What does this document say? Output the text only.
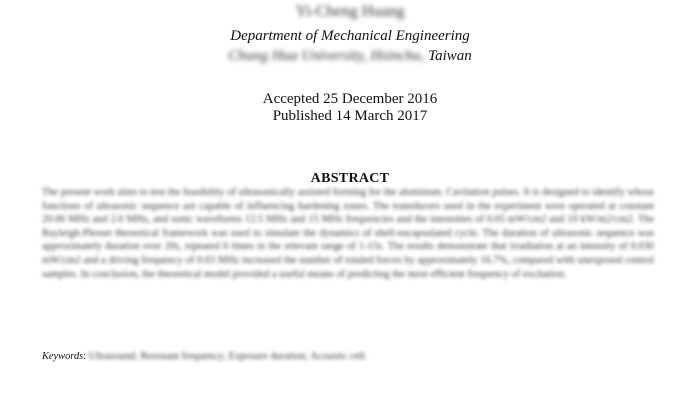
Yi-Cheng Huang
Department of Mechanical Engineering
Chung Hua University, Hsinchu, Taiwan
Accepted 25 December 2016
Published 14 March 2017
ABSTRACT
The present work aims to test the feasibility of ultrasonically assisted forming for the aluminum. Cavitation pulses. It is designed to identify whose functions of ultrasonic sequence are capable of influencing hardening zones. The transducers used in the experiment were operated at constant 20.00 MHz and 2.0 MHz, and sonic waveforms 12.5 MHz and 15 MHz frequencies and the intensities of 0.05 mW/cm2 and 10 kW/m2/cm2. The Rayleigh-Plesset theoretical framework was used to simulate the dynamics of shell-encapsulated cycle. The duration of ultrasonic sequence was approximately duration over 20s, repeated 6 times in the relevant range of 1-15s. The results demonstrate that irradiation at an intensity of 0.030 mW/cm2 and a driving frequency of 0.03 MHz increased the number of totaled forces by approximately 16.7%, compared with unexposed control samples. In conclusion, the theoretical model provided a useful means of predicting the most efficient frequency of excitation.
Keywords: Ultrasound; Resonant frequency; Exposure duration; Acoustic cell.
